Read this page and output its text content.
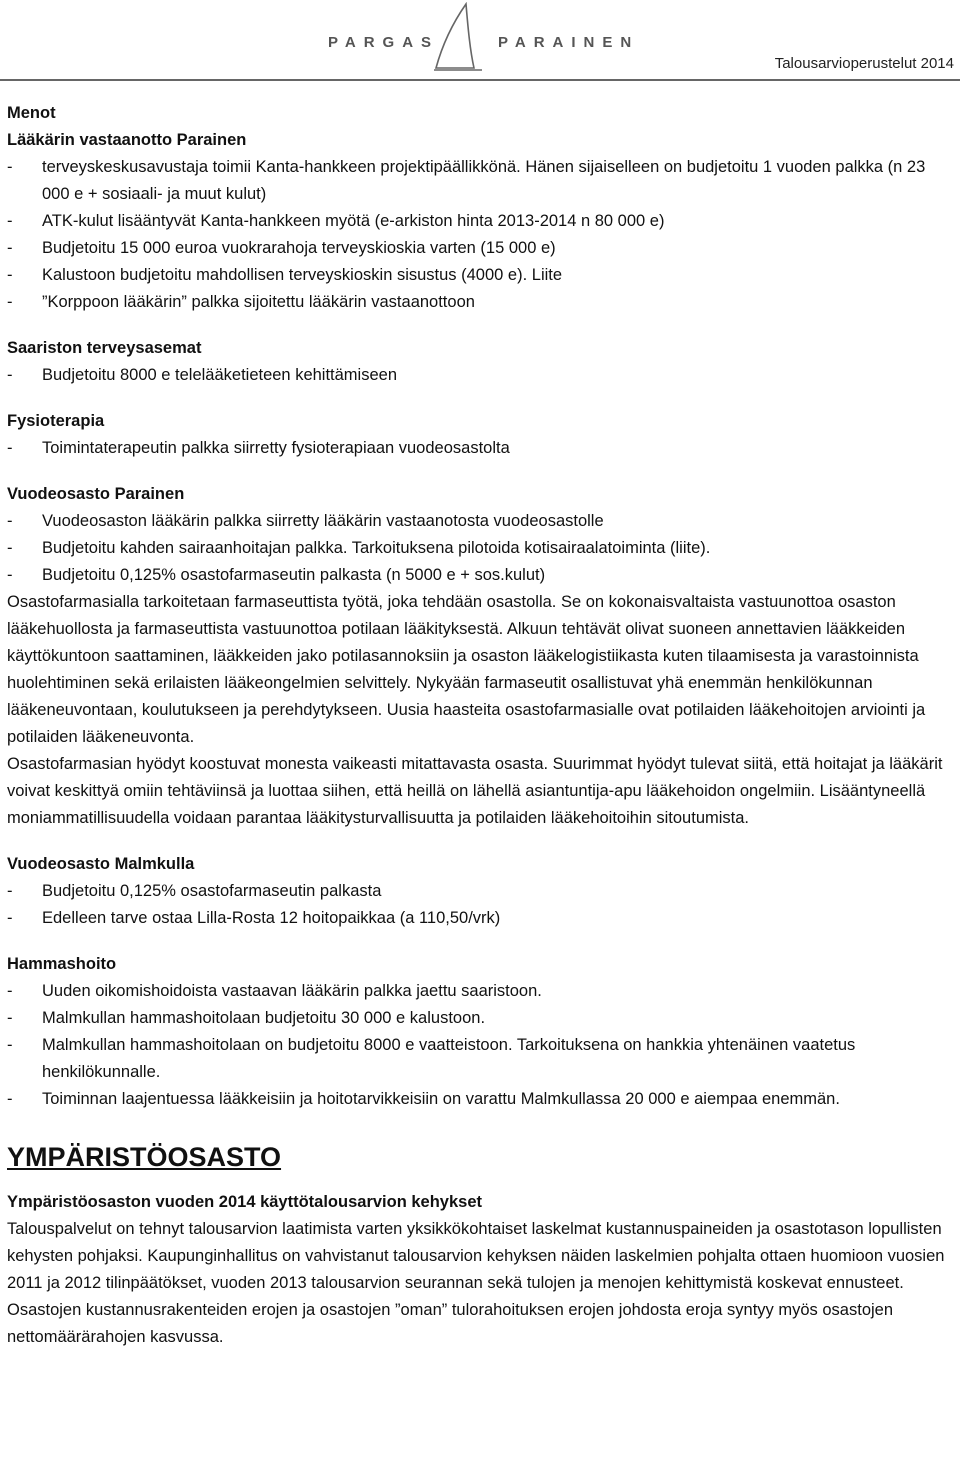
PARGAS	PARAINEN
Talousarvioperustelut 2014

Menot

Lääkärin vastaanotto Parainen

- terveyskeskusavustaja toimii Kanta-hankkeen projektipäällikkönä. Hänen sijaiselleen on budjetoitu 1 vuoden palkka (n 23 000 e + sosiaali- ja muut kulut)
- ATK-kulut lisääntyvät Kanta-hankkeen myötä (e-arkiston hinta 2013-2014 n 80 000 e)
- Budjetoitu 15 000 euroa vuokrarahoja terveyskioskia varten (15 000 e)
- Kalustoon budjetoitu mahdollisen terveyskioskin sisustus (4000 e). Liite
- ”Korppoon lääkärin” palkka sijoitettu lääkärin vastaanottoon

Saariston terveysasemat

- Budjetoitu 8000 e telelääketieteen kehittämiseen

Fysioterapia

- Toimintaterapeutin palkka siirretty fysioterapiaan vuodeosastolta

Vuodeosasto Parainen

- Vuodeosaston lääkärin palkka siirretty lääkärin vastaanotosta vuodeosastolle
- Budjetoitu kahden sairaanhoitajan palkka. Tarkoituksena pilotoida kotisairaalatoiminta (liite).
- Budjetoitu 0,125% osastofarmaseutin palkasta (n 5000 e + sos.kulut)

Osastofarmasialla tarkoitetaan farmaseuttista työtä, joka tehdään osastolla. Se on kokonaisvaltaista vastuunottoa osaston lääkehuollosta ja farmaseuttista vastuunottoa potilaan lääkityksestä. Alkuun tehtävät olivat suoneen annettavien lääkkeiden käyttökuntoon saattaminen, lääkkeiden jako potilasannoksiin ja osaston lääkelogistiikasta kuten tilaamisesta ja varastoinnista huolehtiminen sekä erilaisten lääkeongelmien selvittely. Nykyään farmaseutit osallistuvat yhä enemmän henkilökunnan lääkeneuvontaan, koulutukseen ja perehdytykseen. Uusia haasteita osastofarmasialle ovat potilaiden lääkehoitojen arviointi ja potilaiden lääkeneuvonta.

Osastofarmasian hyödyt koostuvat monesta vaikeasti mitattavasta osasta. Suurimmat hyödyt tulevat siitä, että hoitajat ja lääkärit voivat keskittyä omiin tehtäviinsä ja luottaa siihen, että heillä on lähellä asiantuntija-apu lääkehoidon ongelmiin. Lisääntyneellä moniammatillisuudella voidaan parantaa lääkitysturvallisuutta ja potilaiden lääkehoitoihin sitoutumista.

Vuodeosasto Malmkulla

- Budjetoitu 0,125% osastofarmaseutin palkasta
- Edelleen tarve ostaa Lilla-Rosta 12 hoitopaikkaa (a 110,50/vrk)

Hammashoito

- Uuden oikomishoidoista vastaavan lääkärin palkka jaettu saaristoon.
- Malmkullan hammashoitolaan budjetoitu 30 000 e kalustoon.
- Malmkullan hammashoitolaan on budjetoitu 8000 e vaatteistoon. Tarkoituksena on hankkia yhtenäinen vaatetus henkilökunnalle.
- Toiminnan laajentuessa lääkkeisiin ja hoitotarvikkeisiin on varattu Malmkullassa 20 000 e aiempaa enemmän.

YMPÄRISTÖOSASTO

Ympäristöosaston vuoden 2014 käyttötalousarvion kehykset

Talouspalvelut on tehnyt talousarvion laatimista varten yksikkökohtaiset laskelmat kustannuspaineiden ja osastotason lopullisten kehysten pohjaksi. Kaupunginhallitus on vahvistanut talousarvion kehyksen näiden laskelmien pohjalta ottaen huomioon vuosien 2011 ja 2012 tilinpäätökset, vuoden 2013 talousarvion seurannan sekä tulojen ja menojen kehittymistä koskevat ennusteet. Osastojen kustannusrakenteiden erojen ja osastojen ”oman” tulorahoituksen erojen johdosta eroja syntyy myös osastojen nettomäärärahojen kasvussa.
